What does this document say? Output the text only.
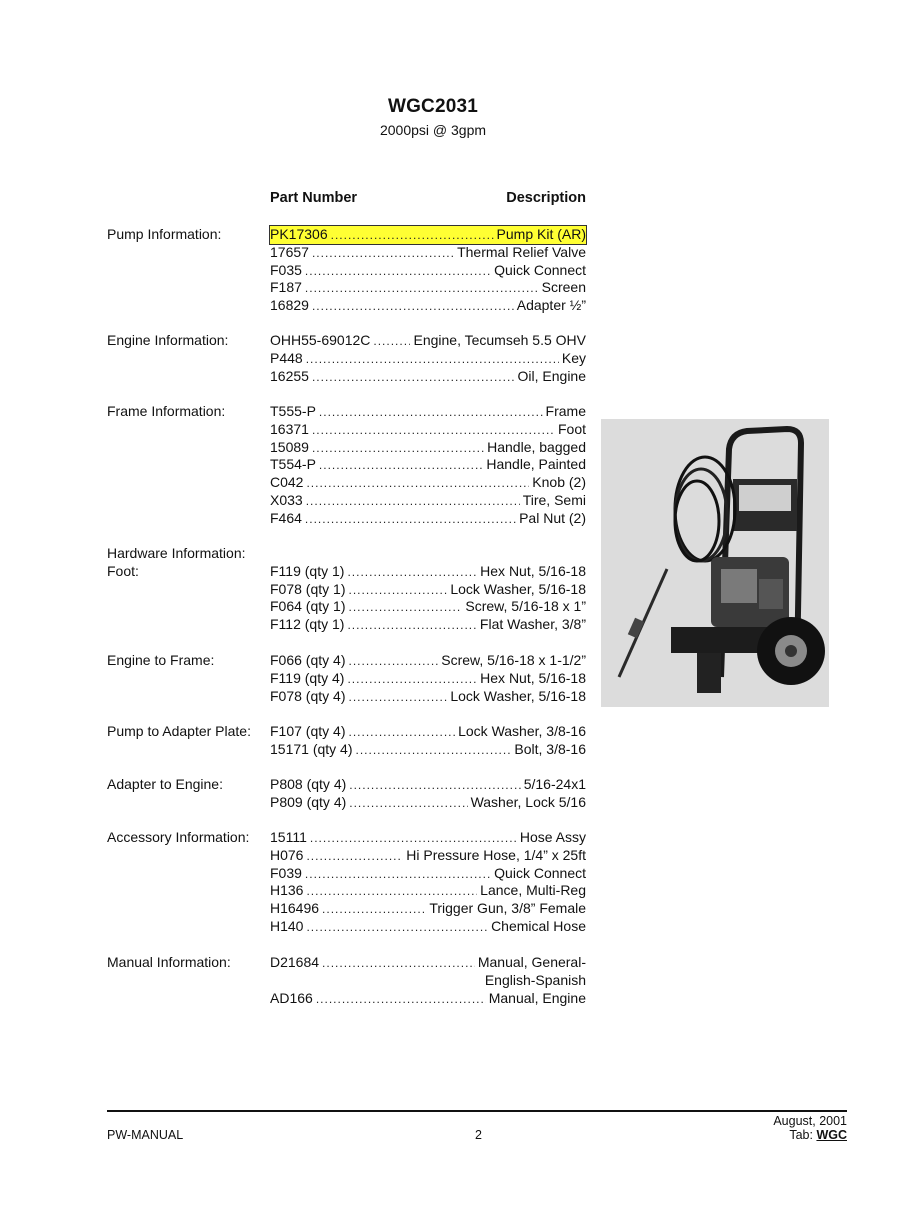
WGC2031
2000psi @ 3gpm
Part Number	Description
Pump Information:	PK17306 .....	Pump Kit (AR)
17657 .....	Thermal Relief Valve
F035 .....	Quick Connect
F187 .....	Screen
16829 .....	Adapter ½”
Engine Information:	OHH55-69012C .....	Engine, Tecumseh 5.5 OHV
P448 .....	Key
16255 .....	Oil, Engine
Frame Information:	T555-P .....	Frame
16371 .....	Foot
15089 .....	Handle, bagged
T554-P .....	Handle, Painted
C042 .....	Knob (2)
X033 .....	Tire, Semi
F464 .....	Pal Nut (2)
Hardware Information:
Foot:	F119 (qty 1) .....	Hex Nut, 5/16-18
F078 (qty 1) .....	Lock Washer, 5/16-18
F064 (qty 1) .....	Screw, 5/16-18 x 1”
F112 (qty 1) .....	Flat Washer, 3/8”
Engine to Frame:	F066 (qty 4) .....	Screw, 5/16-18 x 1-1/2”
F119 (qty 4) .....	Hex Nut, 5/16-18
F078 (qty 4) .....	Lock Washer, 5/16-18
Pump to Adapter Plate: F107 (qty 4) .....	Lock Washer, 3/8-16
15171 (qty 4) .....	Bolt, 3/8-16
Adapter to Engine:	P808 (qty 4) .....	5/16-24x1
P809 (qty 4) .....	Washer, Lock 5/16
Accessory Information: 15111 .....	Hose Assy
H076 .....	Hi Pressure Hose, 1/4” x 25ft
F039 .....	Quick Connect
H136 .....	Lance, Multi-Reg
H16496 .....	Trigger Gun, 3/8” Female
H140 .....	Chemical Hose
Manual Information:	D21684 .....	Manual, General-
English-Spanish
AD166 .....	Manual, Engine
PW-MANUAL	2
August, 2001
Tab: WGC
